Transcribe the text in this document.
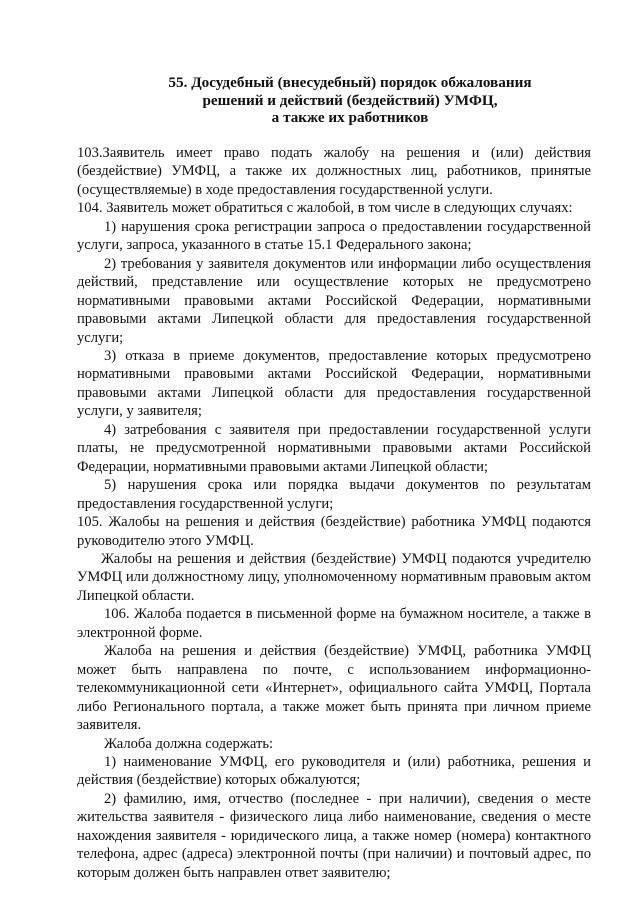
55. Досудебный (внесудебный) порядок обжалования
решений и действий (бездействий) УМФЦ,
а также их работников

103.Заявитель имеет право подать жалобу на решения и (или) действия (бездействие) УМФЦ, а также их должностных лиц, работников, принятые (осуществляемые) в ходе предоставления государственной услуги.

104. Заявитель может обратиться с жалобой, в том числе в следующих случаях:

1) нарушения срока регистрации запроса о предоставлении государственной услуги, запроса, указанного в статье 15.1 Федерального закона;

2) требования у заявителя документов или информации либо осуществления действий, представление или осуществление которых не предусмотрено нормативными правовыми актами Российской Федерации, нормативными правовыми актами Липецкой области для предоставления государственной услуги;

3) отказа в приеме документов, предоставление которых предусмотрено нормативными правовыми актами Российской Федерации, нормативными правовыми актами Липецкой области для предоставления государственной услуги, у заявителя;

4) затребования с заявителя при предоставлении государственной услуги платы, не предусмотренной нормативными правовыми актами Российской Федерации, нормативными правовыми актами Липецкой области;

5) нарушения срока или порядка выдачи документов по результатам предоставления государственной услуги;

105. Жалобы на решения и действия (бездействие) работника УМФЦ подаются руководителю этого УМФЦ.

Жалобы на решения и действия (бездействие) УМФЦ подаются учредителю УМФЦ или должностному лицу, уполномоченному нормативным правовым актом Липецкой области.

106. Жалоба подается в письменной форме на бумажном носителе, а также в электронной форме.

Жалоба на решения и действия (бездействие) УМФЦ, работника УМФЦ может быть направлена по почте, с использованием информационно-телекоммуникационной сети «Интернет», официального сайта УМФЦ, Портала либо Регионального портала, а также может быть принята при личном приеме заявителя.

Жалоба должна содержать:

1) наименование УМФЦ, его руководителя и (или) работника, решения и действия (бездействие) которых обжалуются;

2) фамилию, имя, отчество (последнее - при наличии), сведения о месте жительства заявителя - физического лица либо наименование, сведения о месте нахождения заявителя - юридического лица, а также номер (номера) контактного телефона, адрес (адреса) электронной почты (при наличии) и почтовый адрес, по которым должен быть направлен ответ заявителю;
